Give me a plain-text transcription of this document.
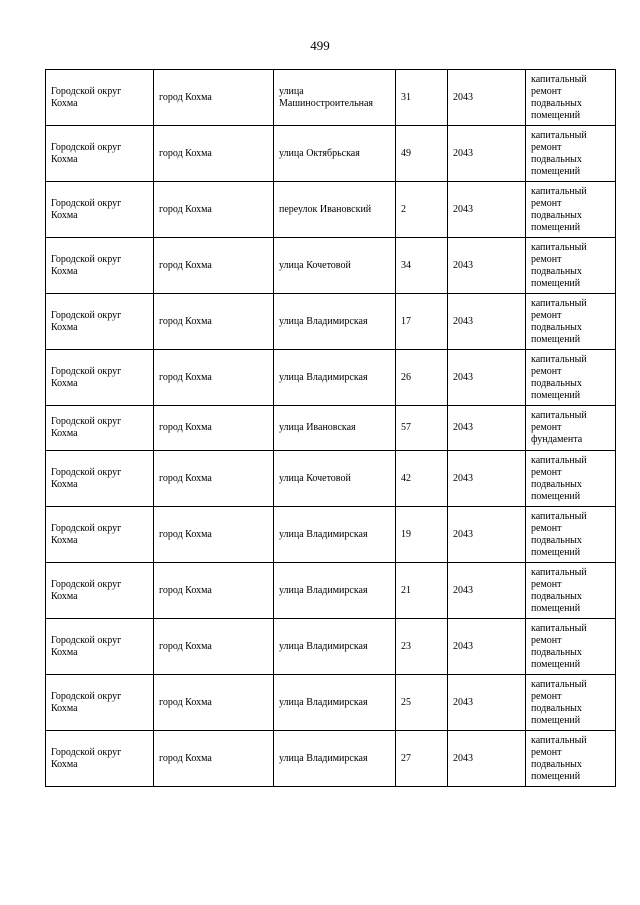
499
Городской округ Кохма	город Кохма	улица Машиностроительная	31	2043	капитальный ремонт подвальных помещений
Городской округ Кохма	город Кохма	улица Октябрьская	49	2043	капитальный ремонт подвальных помещений
Городской округ Кохма	город Кохма	переулок Ивановский	2	2043	капитальный ремонт подвальных помещений
Городской округ Кохма	город Кохма	улица Кочетовой	34	2043	капитальный ремонт подвальных помещений
Городской округ Кохма	город Кохма	улица Владимирская	17	2043	капитальный ремонт подвальных помещений
Городской округ Кохма	город Кохма	улица Владимирская	26	2043	капитальный ремонт подвальных помещений
Городской округ Кохма	город Кохма	улица Ивановская	57	2043	капитальный ремонт фундамента
Городской округ Кохма	город Кохма	улица Кочетовой	42	2043	капитальный ремонт подвальных помещений
Городской округ Кохма	город Кохма	улица Владимирская	19	2043	капитальный ремонт подвальных помещений
Городской округ Кохма	город Кохма	улица Владимирская	21	2043	капитальный ремонт подвальных помещений
Городской округ Кохма	город Кохма	улица Владимирская	23	2043	капитальный ремонт подвальных помещений
Городской округ Кохма	город Кохма	улица Владимирская	25	2043	капитальный ремонт подвальных помещений
Городской округ Кохма	город Кохма	улица Владимирская	27	2043	капитальный ремонт подвальных помещений
